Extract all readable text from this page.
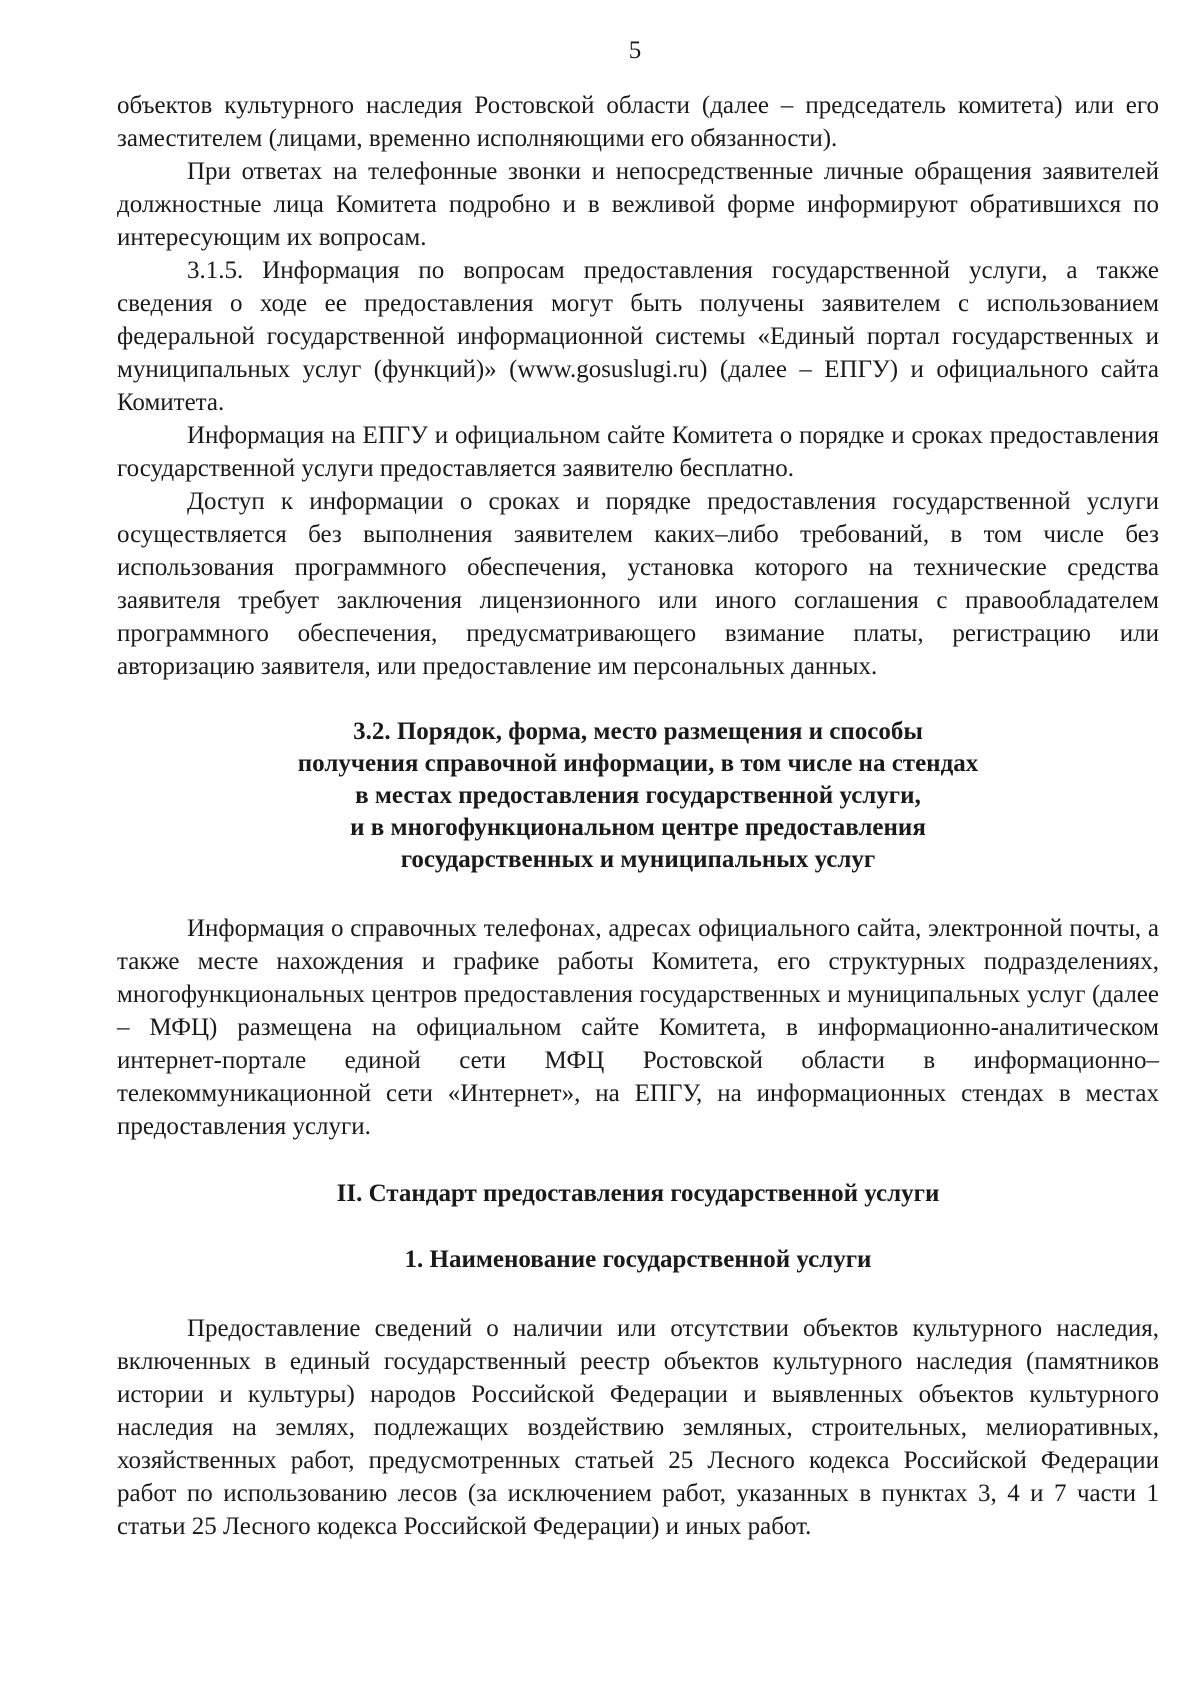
5

объектов культурного наследия Ростовской области (далее – председатель комитета) или его заместителем (лицами, временно исполняющими его обязанности).

При ответах на телефонные звонки и непосредственные личные обращения заявителей должностные лица Комитета подробно и в вежливой форме информируют обратившихся по интересующим их вопросам.

3.1.5. Информация по вопросам предоставления государственной услуги, а также сведения о ходе ее предоставления могут быть получены заявителем с использованием федеральной государственной информационной системы «Единый портал государственных и муниципальных услуг (функций)» (www.gosuslugi.ru) (далее – ЕПГУ) и официального сайта Комитета.

Информация на ЕПГУ и официальном сайте Комитета о порядке и сроках предоставления государственной услуги предоставляется заявителю бесплатно.

Доступ к информации о сроках и порядке предоставления государственной услуги осуществляется без выполнения заявителем каких–либо требований, в том числе без использования программного обеспечения, установка которого на технические средства заявителя требует заключения лицензионного или иного соглашения с правообладателем программного обеспечения, предусматривающего взимание платы, регистрацию или авторизацию заявителя, или предоставление им персональных данных.

3.2. Порядок, форма, место размещения и способы
получения справочной информации, в том числе на стендах
в местах предоставления государственной услуги,
и в многофункциональном центре предоставления
государственных и муниципальных услуг

Информация о справочных телефонах, адресах официального сайта, электронной почты, а также месте нахождения и графике работы Комитета, его структурных подразделениях, многофункциональных центров предоставления государственных и муниципальных услуг (далее – МФЦ) размещена на официальном сайте Комитета, в информационно-аналитическом интернет-портале единой сети МФЦ Ростовской области в информационно–телекоммуникационной сети «Интернет», на ЕПГУ, на информационных стендах в местах предоставления услуги.

II. Стандарт предоставления государственной услуги
1. Наименование государственной услуги

Предоставление сведений о наличии или отсутствии объектов культурного наследия, включенных в единый государственный реестр объектов культурного наследия (памятников истории и культуры) народов Российской Федерации и выявленных объектов культурного наследия на землях, подлежащих воздействию земляных, строительных, мелиоративных, хозяйственных работ, предусмотренных статьей 25 Лесного кодекса Российской Федерации работ по использованию лесов (за исключением работ, указанных в пунктах 3, 4 и 7 части 1 статьи 25 Лесного кодекса Российской Федерации) и иных работ.
